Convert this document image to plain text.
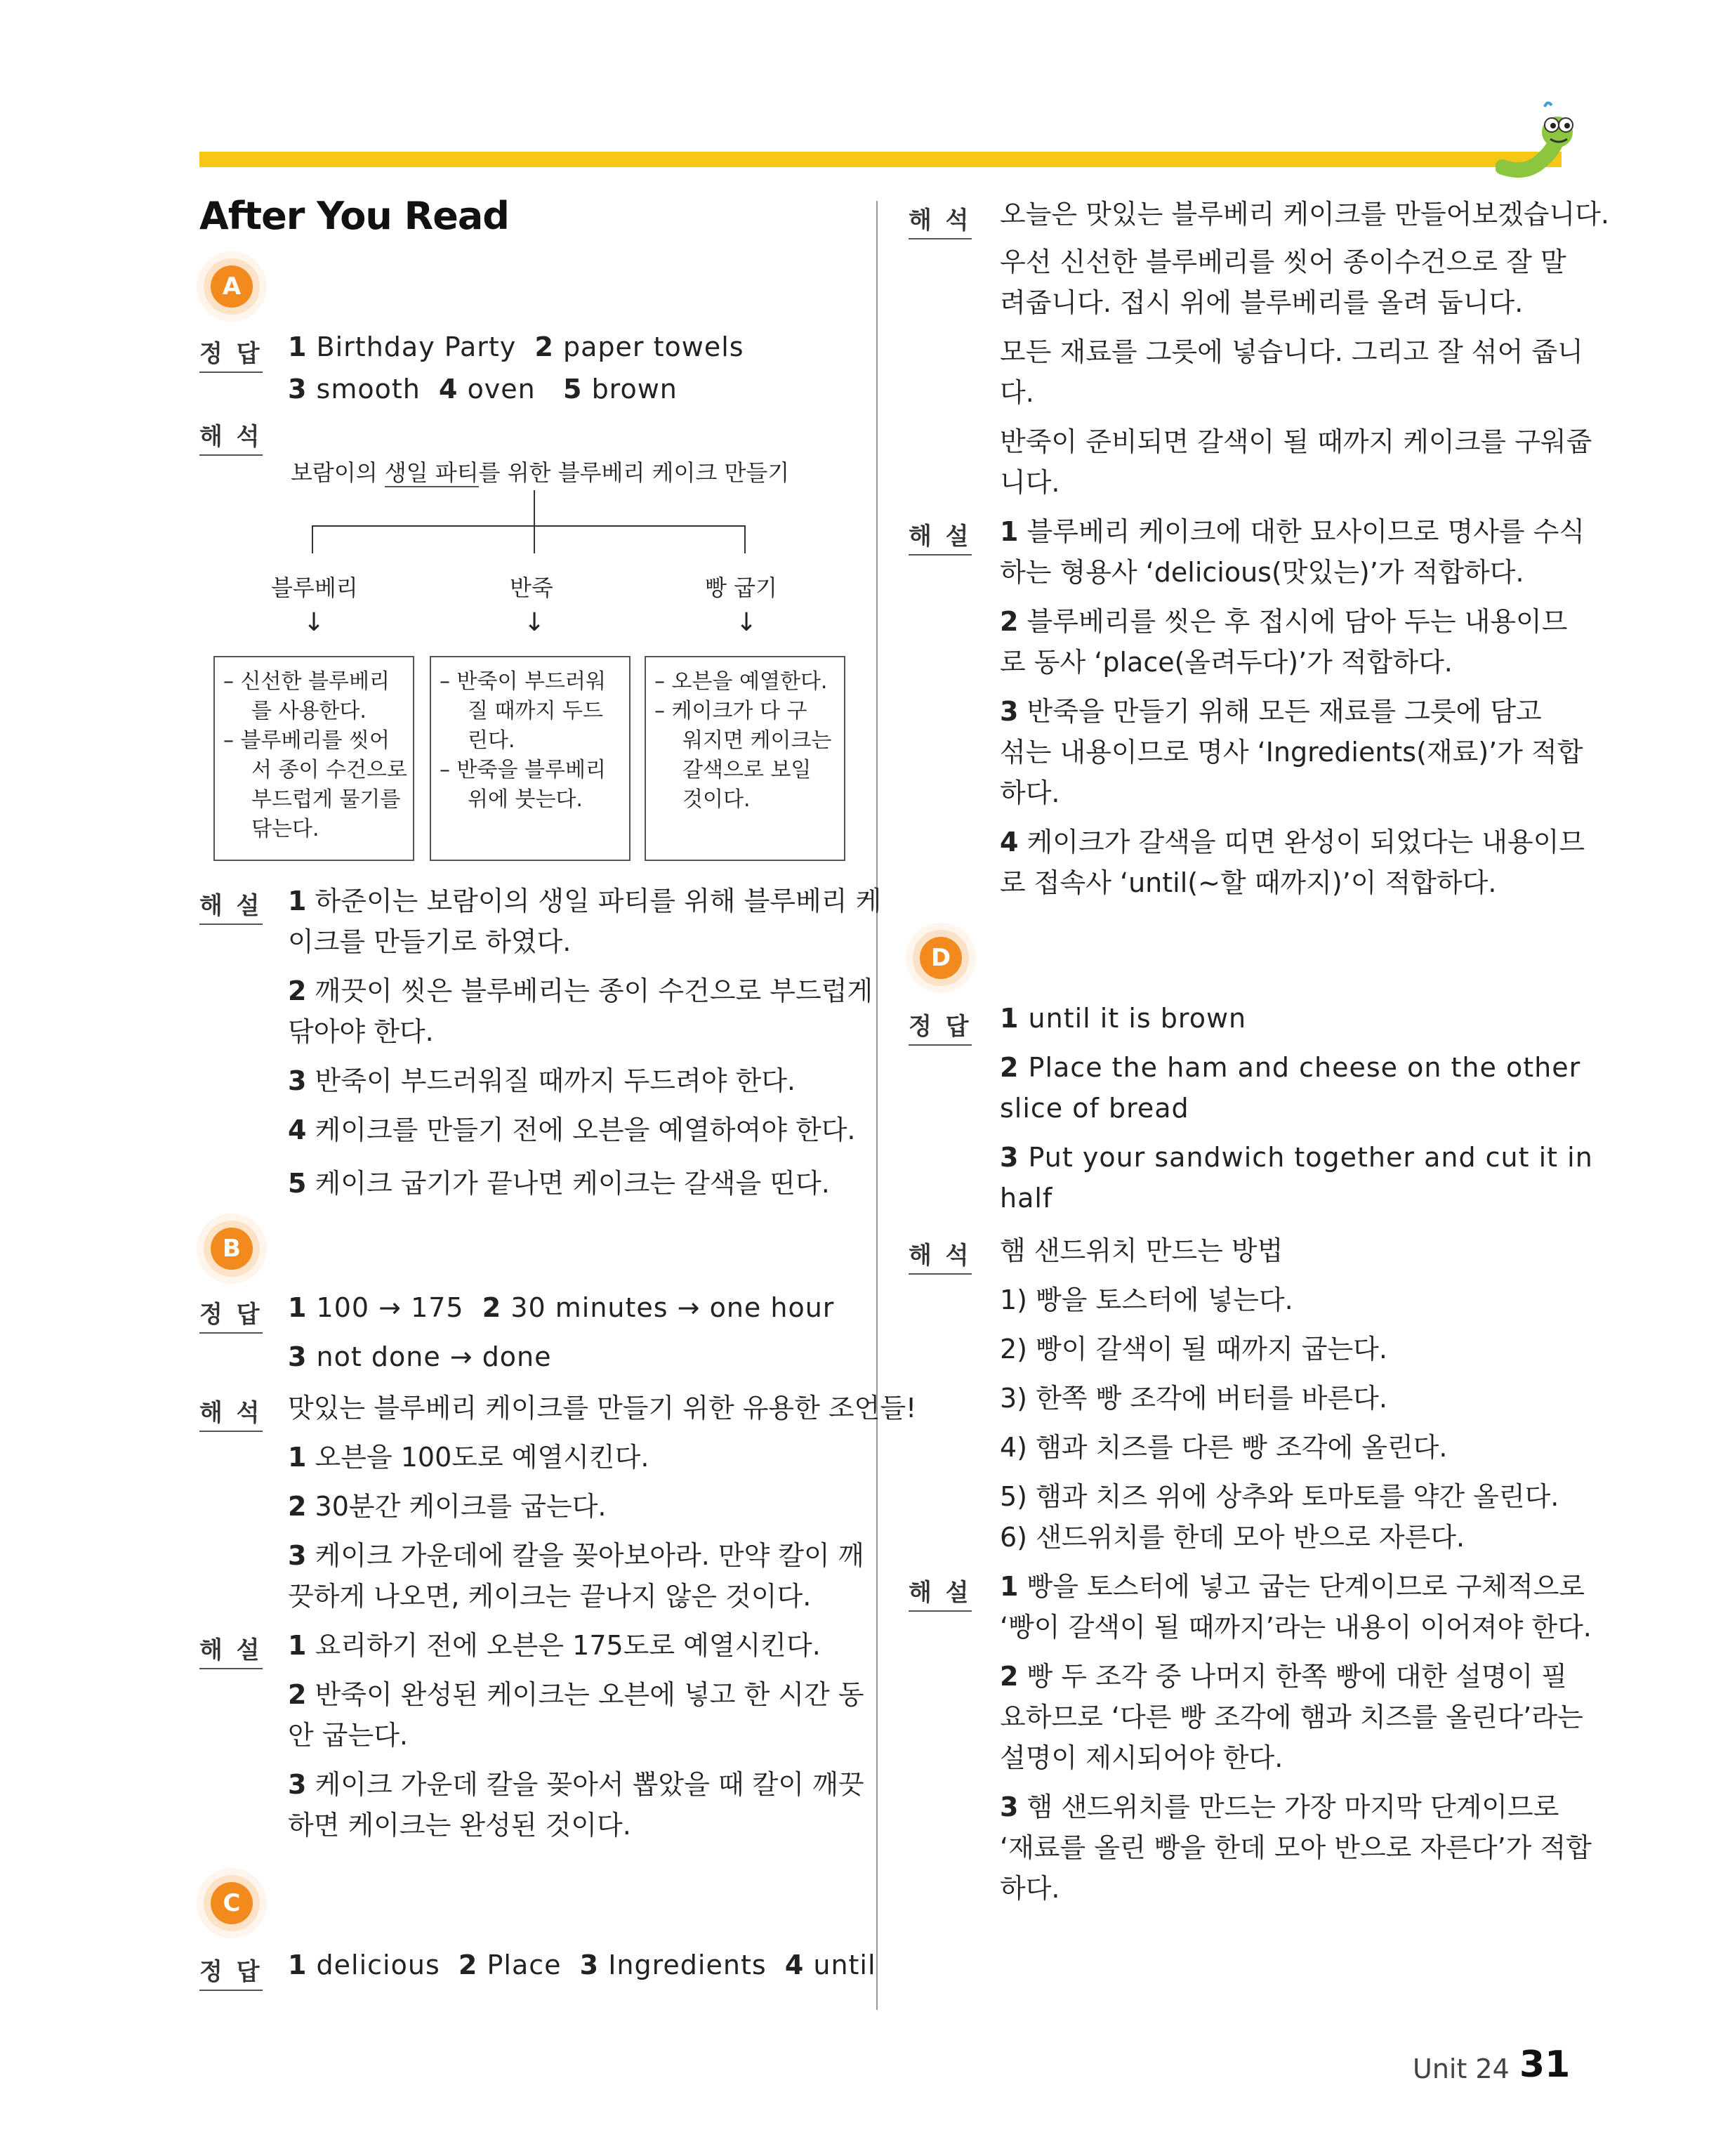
After You Read
A
정 답 1 Birthday Party 2 paper towels
3 smooth 4 oven 5 brown
해 석
보람이의 생일 파티를 위한 블루베리 케이크 만들기
블루베리	반죽	빵 굽기
↓	↓	↓
– 신선한 블루베리
를 사용한다.
– 블루베리를 씻어
서 종이 수건으로
부드럽게 물기를
닦는다.
– 반죽이 부드러워
질 때까지 두드
린다.
– 반죽을 블루베리
위에 붓는다.
– 오븐을 예열한다.
– 케이크가 다 구
워지면 케이크는
갈색으로 보일
것이다.
해 설 1 하준이는 보람이의 생일 파티를 위해 블루베리 케
이크를 만들기로 하였다.
2 깨끗이 씻은 블루베리는 종이 수건으로 부드럽게
닦아야 한다.
3 반죽이 부드러워질 때까지 두드려야 한다.
4 케이크를 만들기 전에 오븐을 예열하여야 한다.
5 케이크 굽기가 끝나면 케이크는 갈색을 띤다.
B
정 답 1 100 → 175 2 30 minutes → one hour
3 not done → done
해 석 맛있는 블루베리 케이크를 만들기 위한 유용한 조언들!
1 오븐을 100도로 예열시킨다.
2 30분간 케이크를 굽는다.
3 케이크 가운데에 칼을 꽂아보아라. 만약 칼이 깨
끗하게 나오면, 케이크는 끝나지 않은 것이다.
해 설 1 요리하기 전에 오븐은 175도로 예열시킨다.
2 반죽이 완성된 케이크는 오븐에 넣고 한 시간 동
안 굽는다.
3 케이크 가운데 칼을 꽂아서 뽑았을 때 칼이 깨끗
하면 케이크는 완성된 것이다.
C
정 답 1 delicious 2 Place 3 Ingredients 4 until
해 석 오늘은 맛있는 블루베리 케이크를 만들어보겠습니다.
우선 신선한 블루베리를 씻어 종이수건으로 잘 말
려줍니다. 접시 위에 블루베리를 올려 둡니다.
모든 재료를 그릇에 넣습니다. 그리고 잘 섞어 줍니
다.
반죽이 준비되면 갈색이 될 때까지 케이크를 구워줍
니다.
해 설 1 블루베리 케이크에 대한 묘사이므로 명사를 수식
하는 형용사 ‘delicious(맛있는)’가 적합하다.
2 블루베리를 씻은 후 접시에 담아 두는 내용이므
로 동사 ‘place(올려두다)’가 적합하다.
3 반죽을 만들기 위해 모든 재료를 그릇에 담고
섞는 내용이므로 명사 ‘Ingredients(재료)’가 적합
하다.
4 케이크가 갈색을 띠면 완성이 되었다는 내용이므
로 접속사 ‘until(~할 때까지)’이 적합하다.
D
정 답 1 until it is brown
2 Place the ham and cheese on the other
slice of bread
3 Put your sandwich together and cut it in
half
해 석 햄 샌드위치 만드는 방법
1) 빵을 토스터에 넣는다.
2) 빵이 갈색이 될 때까지 굽는다.
3) 한쪽 빵 조각에 버터를 바른다.
4) 햄과 치즈를 다른 빵 조각에 올린다.
5) 햄과 치즈 위에 상추와 토마토를 약간 올린다.
6) 샌드위치를 한데 모아 반으로 자른다.
해 설 1 빵을 토스터에 넣고 굽는 단계이므로 구체적으로
‘빵이 갈색이 될 때까지’라는 내용이 이어져야 한다.
2 빵 두 조각 중 나머지 한쪽 빵에 대한 설명이 필
요하므로 ‘다른 빵 조각에 햄과 치즈를 올린다’라는
설명이 제시되어야 한다.
3 햄 샌드위치를 만드는 가장 마지막 단계이므로
‘재료를 올린 빵을 한데 모아 반으로 자른다’가 적합
하다.
Unit 24 31
